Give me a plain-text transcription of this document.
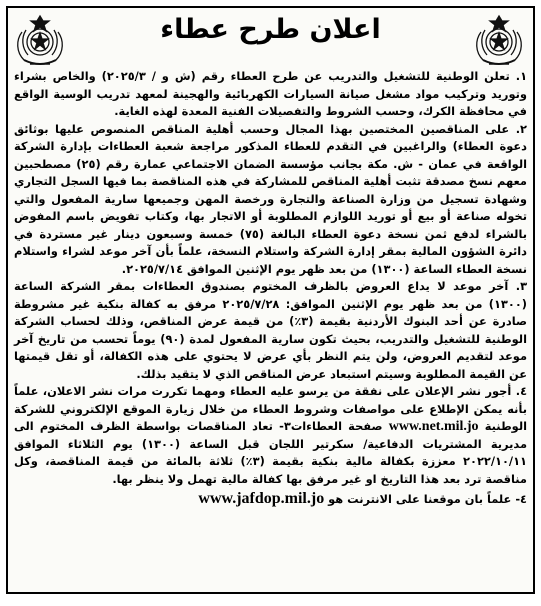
اعلان طرح عطاء

١. تعلن الوطنية للتشغيل والتدريب عن طرح العطاء رقم (ش و / ٢٠٢٥/٣) والخاص بشراء وتوريد وتركيب مواد مشغل صيانة السيارات الكهربائية والهجينة لمعهد تدريب الوسية الواقع في محافظة الكرك، وحسب الشروط والتفصيلات الفنية المعدة لهذه الغاية.

٢. على المناقصين المختصين بهذا المجال وحسب أهلية المناقص المنصوص عليها بوثائق دعوة العطاء) والراغبين في التقدم للعطاء المذكور مراجعة شعبة العطاءات بإدارة الشركة الواقعة في عمان - ش. مكة بجانب مؤسسة الضمان الاجتماعي عمارة رقم (٢٥) مصطحبين معهم نسخ مصدقة تثبت أهلية المناقص للمشاركة في هذه المناقصة بما فيها السجل التجاري وشهادة تسجيل من وزارة الصناعة والتجارة ورخصة المهن وجميعها سارية المفعول والتي تخوله صناعة أو بيع أو توريد اللوازم المطلوبة أو الاتجار بها، وكتاب تفويض باسم المفوض بالشراء لدفع ثمن نسخة دعوة العطاء البالغة (٧٥) خمسة وسبعون دينار غير مستردة في دائرة الشؤون المالية بمقر إدارة الشركة واستلام النسخة، علماً بأن آخر موعد لشراء واستلام نسخة العطاء الساعة (١٣٠٠) من بعد ظهر يوم الإثنين الموافق ٢٠٢٥/٧/١٤.

٣. آخر موعد لا يداع العروض بالظرف المختوم بصندوق العطاءات بمقر الشركة الساعة (١٣٠٠) من بعد ظهر يوم الإثنين الموافق: ٢٠٢٥/٧/٢٨ مرفق به كفالة بنكية غير مشروطة صادرة عن أحد البنوك الأردنية بقيمة (٣٪) من قيمة عرض المناقص، وذلك لحساب الشركة الوطنية للتشغيل والتدريب، بحيث تكون سارية المفعول لمدة (٩٠) يوماً تحسب من تاريخ آخر موعد لتقديم العروض، ولن يتم النظر بأي عرض لا يحتوي على هذه الكفالة، أو تقل قيمتها عن القيمة المطلوبة وسيتم استبعاد عرض المناقص الذي لا يتقيد بذلك.

٤. أجور نشر الإعلان على نفقة من يرسو عليه العطاء ومهما تكررت مرات نشر الاعلان، علماً بأنه يمكن الإطلاع على مواصفات وشروط العطاء من خلال زيارة الموقع الإلكتروني للشركة الوطنية www.net.mil.jo صفحة العطاءات٣- تعاد المناقصات بواسطة الظرف المختوم الى مديرية المشتريات الدفاعية/ سكرتير اللجان قبل الساعة (١٣٠٠) يوم الثلاثاء الموافق ٢٠٢٢/١٠/١١ معززة بكفالة مالية بنكية بقيمة (٣٪) ثلاثة بالمائة من قيمة المناقصة، وكل مناقصة ترد بعد هذا التاريخ او غير مرفق بها كفالة مالية تهمل ولا ينظر بها.

٤- علماً بان موقعنا على الانترنت هو www.jafdop.mil.jo
